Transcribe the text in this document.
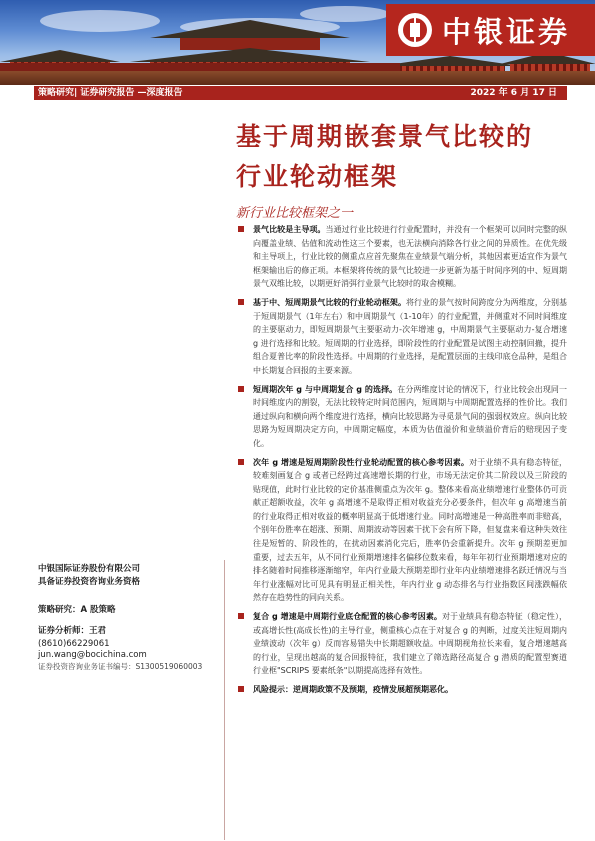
中银证券
策略研究| 证券研究报告 —深度报告	2022 年 6 月 17 日
基于周期嵌套景气比较的
行业轮动框架
新行业比较框架之一
景气比较是主导项。当通过行业比较进行行业配置时，并没有一个框架可以同时完整的纵向覆盖业绩、估值和流动性这三个要素，也无法横向消除各行业之间的异质性。在优先级和主导项上，行业比较的侧重点应首先聚焦在业绩景气端分析，其他因素更适宜作为景气框架输出后的修正项。本框架将传统的景气比较进一步更新为基于时间序列的中、短周期景气双维比较，以期更好消弭行业景气比较时的取舍模糊。
基于中、短周期景气比较的行业轮动框架。将行业的景气按时间跨度分为两维度，分别基于短周期景气（1年左右）和中周期景气（1-10年）的行业配置，并侧重对不同时间维度的主要驱动力，即短周期景气主要驱动力-次年增速 g，中周期景气主要驱动力-复合增速 g 进行选择和比较。短周期的行业选择，即阶段性的行业配置是试图主动控制回撤，提升组合夏普比率的阶段性选择。中周期的行业选择，是配置层面的主线印底仓品种，是组合中长期复合回报的主要来源。
短周期次年 g 与中周期复合 g 的选择。在分两维度讨论的情况下，行业比较会出现同一时间维度内的割裂，无法比较特定时间范围内，短周期与中周期配置选择的性价比。我们通过纵向和横向两个维度进行选择，横向比较思路为寻觅景气间的强弱权效应。纵向比较思路为短周期决定方向，中周期定幅度，本质为估值溢价和业绩溢价背后的赔现因子变化。
次年 g 增速是短周期阶段性行业轮动配置的核心参考因素。对于业绩不具有稳态特征，较难刻画复合 g 或者已经跨过高速增长期的行业，市场无法定价其二阶段以及三阶段的贴现值，此时行业比较的定价基准侧重点为次年 g。整体来看高业绩增速行业整体仍可贡献正超额收益，次年 g 高增速不是取得正相对收益充分必要条件，但次年 g 高增速当前的行业取得正相对收益的概率明显高于低增速行业。同时高增速是一种高胜率而非赔高，个别年份胜率在超涨、预期、周期波动等因素干扰下会有所下降，但复盘来看这种失效往往是短暂的、阶段性的，在扰动因素消化完后，胜率仍会重新提升。次年 g 预期差更加重要，过去五年，从不同行业预期增速排名偏移位数来看，每年年初行业预期增速对应的排名随着时间推移逐渐缩窄，年内行业最大预期差即行业年内业绩增速排名跃迁情况与当年行业涨幅对比可见具有明显正相关性，年内行业 g 动态排名与行业指数区间涨跌幅依然存在趋势性的同向关系。
复合 g 增速是中周期行业底仓配置的核心参考因素。对于业绩具有稳态特征（稳定性），或高增长性(高成长性)的主导行业，侧重核心点在于对复合 g 的判断，过度关注短周期内业绩波动（次年 g）反而容易错失中长期超额收益。中周期视角拉长来看，复合增速越高的行业，呈现出越高的复合回报特征，我们建立了筛选路径高复合 g 潜质的配置型赛道行业框"SCRIPS 要素纸条"以期提高选择有效性。
风险提示：逆周期政策不及预期，疫情发展超预期恶化。
中银国际证券股份有限公司
具备证券投资咨询业务资格
策略研究：A 股策略
证券分析师：王君
(8610)66229061
jun.wang@bocichina.com
证券投资咨询业务证书编号：S1300519060003
